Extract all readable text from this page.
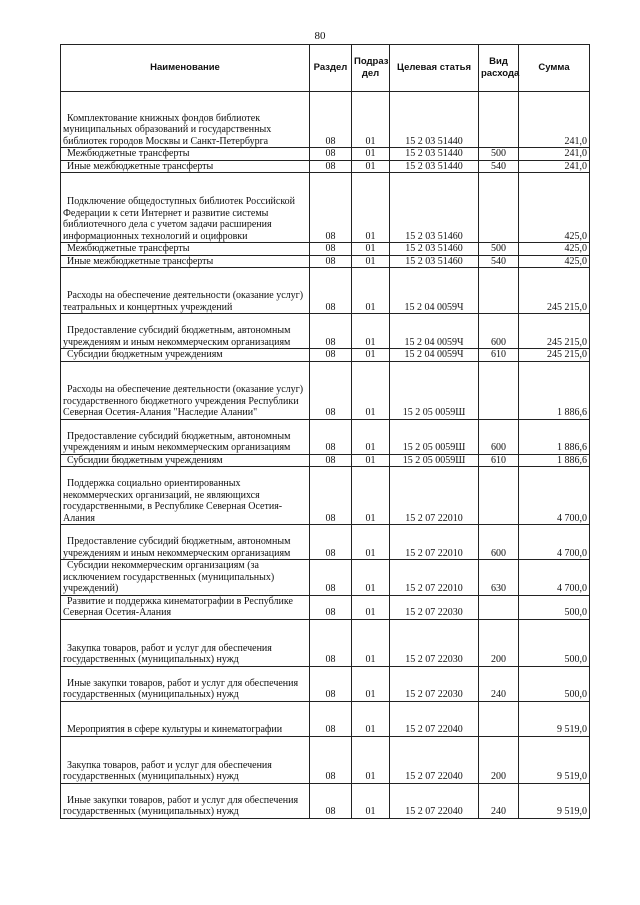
80
Наименование	Раздел	Подраз дел	Целевая статья	Вид расхода	Сумма

Комплектование книжных фондов библиотек муниципальных образований и государственных библиотек городов Москвы и Санкт-Петербурга	08	01	15 2 03 51440		241,0

Межбюджетные трансферты	08	01	15 2 03 51440	500	241,0

Иные межбюджетные трансферты	08	01	15 2 03 51440	540	241,0

Подключение общедоступных библиотек Российской Федерации к сети Интернет и развитие системы библиотечного дела с учетом задачи расширения информационных технологий и оцифровки	08	01	15 2 03 51460		425,0

Межбюджетные трансферты	08	01	15 2 03 51460	500	425,0

Иные межбюджетные трансферты	08	01	15 2 03 51460	540	425,0

Расходы на обеспечение деятельности (оказание услуг) театральных и концертных учреждений	08	01	15 2 04 0059Ч		245 215,0

Предоставление субсидий бюджетным, автономным учреждениям и иным некоммерческим организациям	08	01	15 2 04 0059Ч	600	245 215,0

Субсидии бюджетным учреждениям	08	01	15 2 04 0059Ч	610	245 215,0

Расходы на обеспечение деятельности (оказание услуг) государственного бюджетного учреждения Республики Северная Осетия-Алания "Наследие Алании"	08	01	15 2 05 0059Ш		1 886,6

Предоставление субсидий бюджетным, автономным учреждениям и иным некоммерческим организациям	08	01	15 2 05 0059Ш	600	1 886,6

Субсидии бюджетным учреждениям	08	01	15 2 05 0059Ш	610	1 886,6

Поддержка социально ориентированных некоммерческих организаций, не являющихся государственными, в Республике Северная Осетия-Алания	08	01	15 2 07 22010		4 700,0

Предоставление субсидий бюджетным, автономным учреждениям и иным некоммерческим организациям	08	01	15 2 07 22010	600	4 700,0

Субсидии некоммерческим организациям (за исключением государственных (муниципальных) учреждений)	08	01	15 2 07 22010	630	4 700,0

Развитие и поддержка кинематографии в Республике Северная Осетия-Алания	08	01	15 2 07 22030		500,0

Закупка товаров, работ и услуг для обеспечения государственных (муниципальных) нужд	08	01	15 2 07 22030	200	500,0

Иные закупки товаров, работ и услуг для обеспечения государственных (муниципальных) нужд	08	01	15 2 07 22030	240	500,0

Мероприятия в сфере культуры и кинематографии	08	01	15 2 07 22040		9 519,0

Закупка товаров, работ и услуг для обеспечения государственных (муниципальных) нужд	08	01	15 2 07 22040	200	9 519,0

Иные закупки товаров, работ и услуг для обеспечения государственных (муниципальных) нужд	08	01	15 2 07 22040	240	9 519,0
